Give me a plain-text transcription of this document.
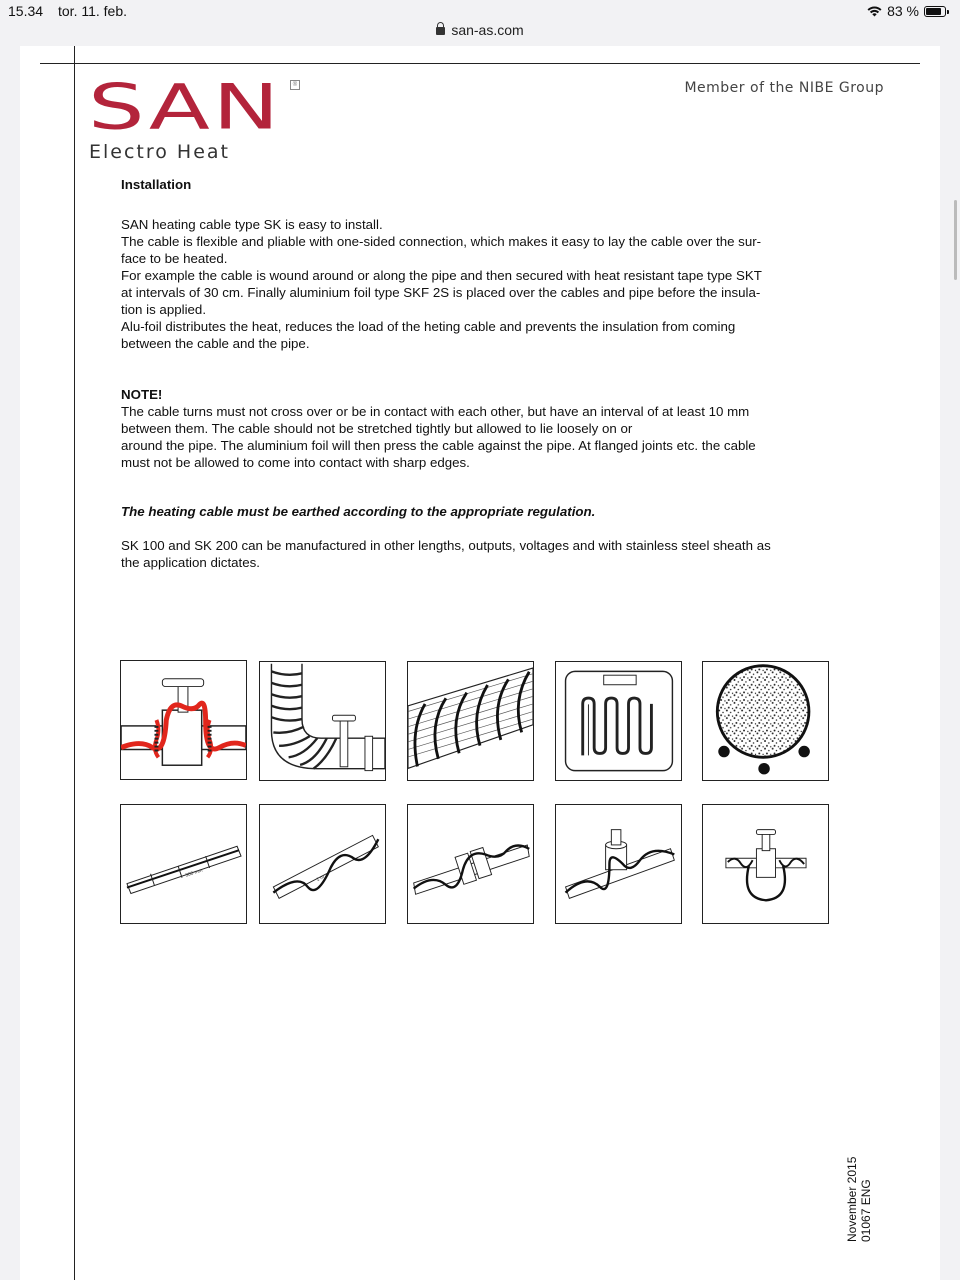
15.34 tor. 11. feb.	83 %
san-as.com
SAN	®
Electro Heat
Member of the NIBE Group

Installation

SAN heating cable type SK is easy to install.

The cable is flexible and pliable with one-sided connection, which makes it easy to lay the cable over the sur-

face to be heated.

For example the cable is wound around or along the pipe and then secured with heat resistant tape type SKT

at intervals of 30 cm. Finally aluminium foil type SKF 2S is placed over the cables and pipe before the insula-

tion is applied.

Alu-foil distributes the heat, reduces the load of the heting cable and prevents the insulation from coming

between the cable and the pipe.

NOTE!

The cable turns must not cross over or be in contact with each other, but have an interval of at least 10 mm

between them. The cable should not be stretched tightly but allowed to lie loosely on or

around the pipe. The aluminium foil will then press the cable against the pipe. At flanged joints etc. the cable

must not be allowed to come into contact with sharp edges.

The heating cable must be earthed according to the appropriate regulation.

SK 100 and SK 200 can be manufactured in other lengths, outputs, voltages and with stainless steel sheath as

the application dictates.

300 mm
1 m
November 2015 01067 ENG
